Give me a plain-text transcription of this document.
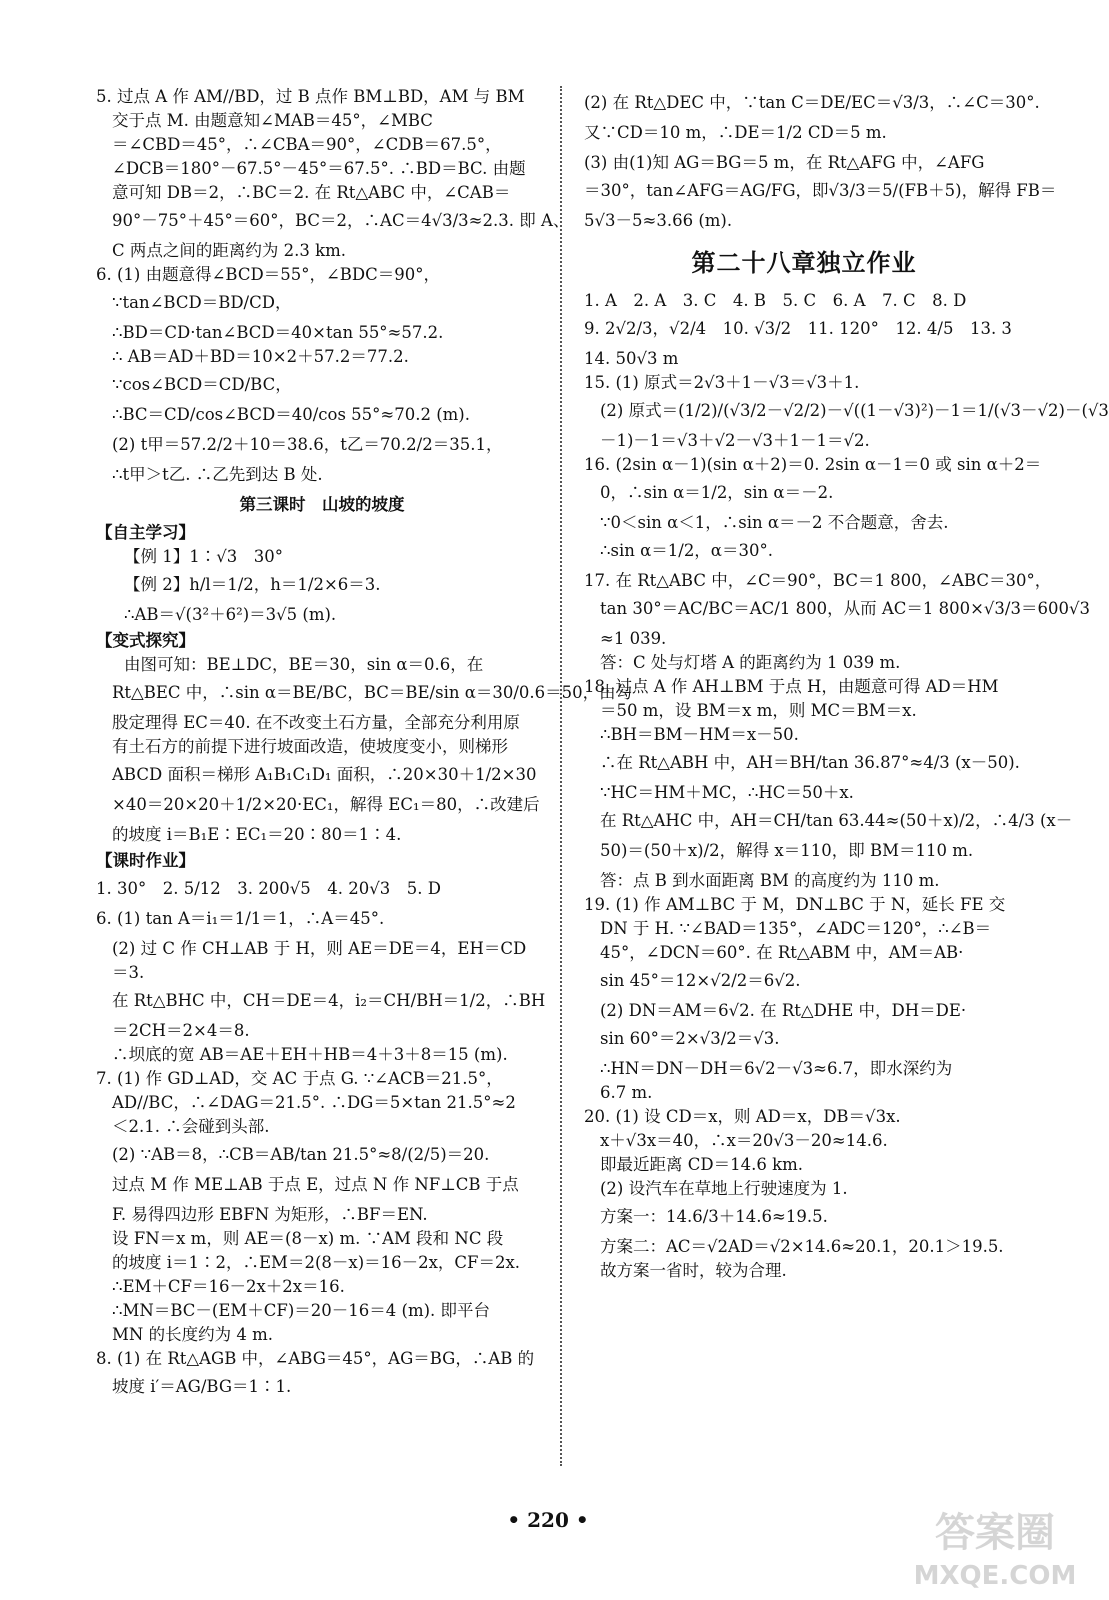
5. 过点 A 作 AM//BD，过 B 点作 BM⊥BD，AM 与 BM
交于点 M. 由题意知∠MAB＝45°，∠MBC
＝∠CBD＝45°，∴∠CBA＝90°，∠CDB＝67.5°，
∠DCB＝180°－67.5°－45°＝67.5°. ∴BD＝BC. 由题
意可知 DB＝2，∴BC＝2. 在 Rt△ABC 中，∠CAB＝
90°－75°＋45°＝60°，BC＝2，∴AC＝4√3/3≈2.3. 即 A、
C 两点之间的距离约为 2.3 km.
6. (1) 由题意得∠BCD＝55°，∠BDC＝90°，
∵tan∠BCD＝BD/CD，
∴BD＝CD·tan∠BCD＝40×tan 55°≈57.2.
∴ AB＝AD＋BD＝10×2＋57.2＝77.2.
∵cos∠BCD＝CD/BC，
∴BC＝CD/cos∠BCD＝40/cos 55°≈70.2 (m).
(2) t甲＝57.2/2＋10＝38.6，t乙＝70.2/2＝35.1，
∴t甲＞t乙. ∴乙先到达 B 处.
第三课时　山坡的坡度
【自主学习】
【例 1】1∶√3　30°
【例 2】h/l＝1/2，h＝1/2×6＝3.
∴AB＝√(3²＋6²)＝3√5 (m).
【变式探究】
由图可知：BE⊥DC，BE＝30，sin α＝0.6，在
Rt△BEC 中，∴sin α＝BE/BC，BC＝BE/sin α＝30/0.6＝50，由勾
股定理得 EC＝40. 在不改变土石方量，全部充分利用原
有土石方的前提下进行坡面改造，使坡度变小，则梯形
ABCD 面积＝梯形 A₁B₁C₁D₁ 面积，∴20×30＋1/2×30
×40＝20×20＋1/2×20·EC₁，解得 EC₁＝80，∴改建后
的坡度 i＝B₁E∶EC₁＝20∶80＝1∶4.
【课时作业】
1. 30°　2. 5/12　3. 200√5　4. 20√3　5. D
6. (1) tan A＝i₁＝1/1＝1，∴A＝45°.
(2) 过 C 作 CH⊥AB 于 H，则 AE＝DE＝4，EH＝CD
＝3.
在 Rt△BHC 中，CH＝DE＝4，i₂＝CH/BH＝1/2，∴BH
＝2CH＝2×4＝8.
∴坝底的宽 AB＝AE＋EH＋HB＝4＋3＋8＝15 (m).
7. (1) 作 GD⊥AD，交 AC 于点 G. ∵∠ACB＝21.5°，
AD//BC，∴∠DAG＝21.5°. ∴DG＝5×tan 21.5°≈2
＜2.1. ∴会碰到头部.
(2) ∵AB＝8，∴CB＝AB/tan 21.5°≈8/(2/5)＝20.
过点 M 作 ME⊥AB 于点 E，过点 N 作 NF⊥CB 于点
F. 易得四边形 EBFN 为矩形，∴BF＝EN.
设 FN＝x m，则 AE＝(8－x) m. ∵AM 段和 NC 段
的坡度 i＝1∶2，∴EM＝2(8－x)＝16－2x，CF＝2x.
∴EM＋CF＝16－2x＋2x＝16.
∴MN＝BC－(EM＋CF)＝20－16＝4 (m). 即平台
MN 的长度约为 4 m.
8. (1) 在 Rt△AGB 中，∠ABG＝45°，AG＝BG，∴AB 的
坡度 i′＝AG/BG＝1∶1.
(2) 在 Rt△DEC 中，∵tan C＝DE/EC＝√3/3，∴∠C＝30°.
又∵CD＝10 m，∴DE＝1/2 CD＝5 m.
(3) 由(1)知 AG＝BG＝5 m，在 Rt△AFG 中，∠AFG
＝30°，tan∠AFG＝AG/FG，即√3/3＝5/(FB＋5)，解得 FB＝
5√3－5≈3.66 (m).
第二十八章独立作业
1. A　2. A　3. C　4. B　5. C　6. A　7. C　8. D
9. 2√2/3，√2/4　10. √3/2　11. 120°　12. 4/5　13. 3
14. 50√3 m
15. (1) 原式＝2√3＋1－√3＝√3＋1.
(2) 原式＝(1/2)/(√3/2－√2/2)－√((1－√3)²)－1＝1/(√3－√2)－(√3
－1)－1＝√3＋√2－√3＋1－1＝√2.
16. (2sin α－1)(sin α＋2)＝0. 2sin α－1＝0 或 sin α＋2＝
0，∴sin α＝1/2，sin α＝－2.
∵0＜sin α＜1，∴sin α＝－2 不合题意，舍去.
∴sin α＝1/2，α＝30°.
17. 在 Rt△ABC 中，∠C＝90°，BC＝1 800，∠ABC＝30°，
tan 30°＝AC/BC＝AC/1 800，从而 AC＝1 800×√3/3＝600√3
≈1 039.
答：C 处与灯塔 A 的距离约为 1 039 m.
18. 过点 A 作 AH⊥BM 于点 H，由题意可得 AD＝HM
＝50 m，设 BM＝x m，则 MC＝BM＝x.
∴BH＝BM－HM＝x－50.
∴在 Rt△ABH 中，AH＝BH/tan 36.87°≈4/3 (x－50).
∵HC＝HM＋MC，∴HC＝50＋x.
在 Rt△AHC 中，AH＝CH/tan 63.44≈(50＋x)/2，∴4/3 (x－
50)＝(50＋x)/2，解得 x＝110，即 BM＝110 m.
答：点 B 到水面距离 BM 的高度约为 110 m.
19. (1) 作 AM⊥BC 于 M，DN⊥BC 于 N，延长 FE 交
DN 于 H. ∵∠BAD＝135°，∠ADC＝120°，∴∠B＝
45°，∠DCN＝60°. 在 Rt△ABM 中，AM＝AB·
sin 45°＝12×√2/2＝6√2.
(2) DN＝AM＝6√2. 在 Rt△DHE 中，DH＝DE·
sin 60°＝2×√3/2＝√3.
∴HN＝DN－DH＝6√2－√3≈6.7，即水深约为
6.7 m.
20. (1) 设 CD＝x，则 AD＝x，DB＝√3x.
x＋√3x＝40，∴x＝20√3－20≈14.6.
即最近距离 CD＝14.6 km.
(2) 设汽车在草地上行驶速度为 1.
方案一：14.6/3＋14.6≈19.5.
方案二：AC＝√2AD＝√2×14.6≈20.1，20.1＞19.5.
故方案一省时，较为合理.
• 220 •	答案圈
MXQE.COM
